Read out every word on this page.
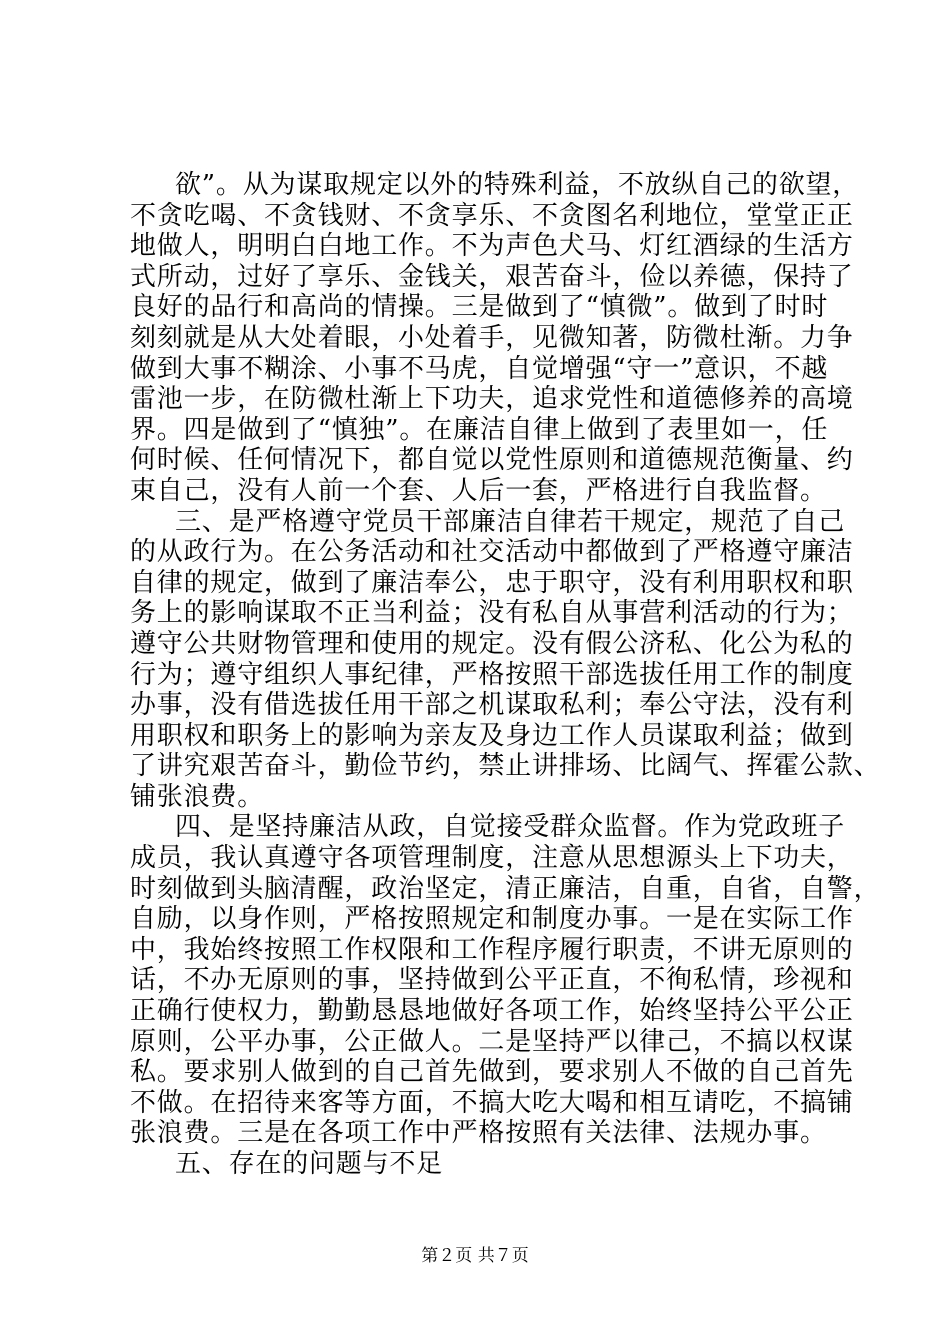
欲”。从为谋取规定以外的特殊利益，不放纵自己的欲望，
不贪吃喝、不贪钱财、不贪享乐、不贪图名利地位，堂堂正正
地做人，明明白白地工作。不为声色犬马、灯红酒绿的生活方
式所动，过好了享乐、金钱关，艰苦奋斗，俭以养德，保持了
良好的品行和高尚的情操。三是做到了“慎微”。做到了时时
刻刻就是从大处着眼，小处着手，见微知著，防微杜渐。力争
做到大事不糊涂、小事不马虎，自觉增强“守一”意识，不越
雷池一步，在防微杜渐上下功夫，追求党性和道德修养的高境
界。四是做到了“慎独”。在廉洁自律上做到了表里如一，任
何时候、任何情况下，都自觉以党性原则和道德规范衡量、约
束自己，没有人前一个套、人后一套，严格进行自我监督。
三、是严格遵守党员干部廉洁自律若干规定，规范了自己
的从政行为。在公务活动和社交活动中都做到了严格遵守廉洁
自律的规定，做到了廉洁奉公，忠于职守，没有利用职权和职
务上的影响谋取不正当利益；没有私自从事营利活动的行为；
遵守公共财物管理和使用的规定。没有假公济私、化公为私的
行为；遵守组织人事纪律，严格按照干部选拔任用工作的制度
办事，没有借选拔任用干部之机谋取私利；奉公守法，没有利
用职权和职务上的影响为亲友及身边工作人员谋取利益；做到
了讲究艰苦奋斗，勤俭节约，禁止讲排场、比阔气、挥霍公款、
铺张浪费。
四、是坚持廉洁从政，自觉接受群众监督。作为党政班子
成员，我认真遵守各项管理制度，注意从思想源头上下功夫，
时刻做到头脑清醒，政治坚定，清正廉洁，自重，自省，自警，
自励，以身作则，严格按照规定和制度办事。一是在实际工作
中，我始终按照工作权限和工作程序履行职责，不讲无原则的
话，不办无原则的事，坚持做到公平正直，不徇私情，珍视和
正确行使权力，勤勤恳恳地做好各项工作，始终坚持公平公正
原则，公平办事，公正做人。二是坚持严以律己，不搞以权谋
私。要求别人做到的自己首先做到，要求别人不做的自己首先
不做。在招待来客等方面，不搞大吃大喝和相互请吃，不搞铺
张浪费。三是在各项工作中严格按照有关法律、法规办事。
五、存在的问题与不足
第２页 共７页
